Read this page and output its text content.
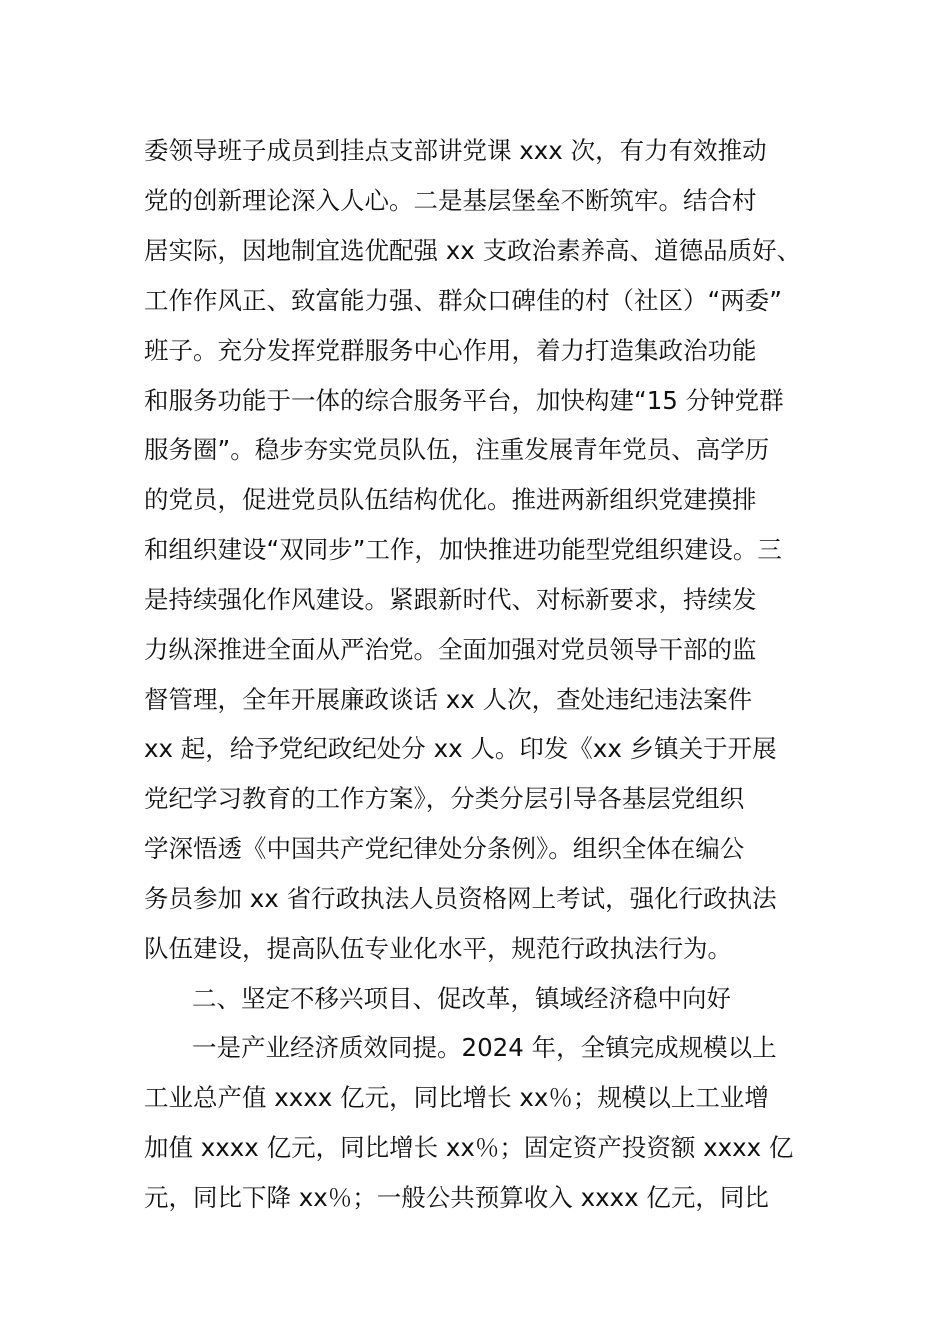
委领导班子成员到挂点支部讲党课 xxx 次，有力有效推动
党的创新理论深入人心。二是基层堡垒不断筑牢。结合村
居实际，因地制宜选优配强 xx 支政治素养高、道德品质好、
工作作风正、致富能力强、群众口碑佳的村（社区）“两委”
班子。充分发挥党群服务中心作用，着力打造集政治功能
和服务功能于一体的综合服务平台，加快构建“15 分钟党群
服务圈”。稳步夯实党员队伍，注重发展青年党员、高学历
的党员，促进党员队伍结构优化。推进两新组织党建摸排
和组织建设“双同步”工作，加快推进功能型党组织建设。三
是持续强化作风建设。紧跟新时代、对标新要求，持续发
力纵深推进全面从严治党。全面加强对党员领导干部的监
督管理，全年开展廉政谈话 xx 人次，查处违纪违法案件
xx 起，给予党纪政纪处分 xx 人。印发《xx 乡镇关于开展
党纪学习教育的工作方案》，分类分层引导各基层党组织
学深悟透《中国共产党纪律处分条例》。组织全体在编公
务员参加 xx 省行政执法人员资格网上考试，强化行政执法
队伍建设，提高队伍专业化水平，规范行政执法行为。
二、坚定不移兴项目、促改革，镇域经济稳中向好
一是产业经济质效同提。2024 年，全镇完成规模以上
工业总产值 xxxx 亿元，同比增长 xx％；规模以上工业增
加值 xxxx 亿元，同比增长 xx％；固定资产投资额 xxxx 亿
元，同比下降 xx％；一般公共预算收入 xxxx 亿元，同比
